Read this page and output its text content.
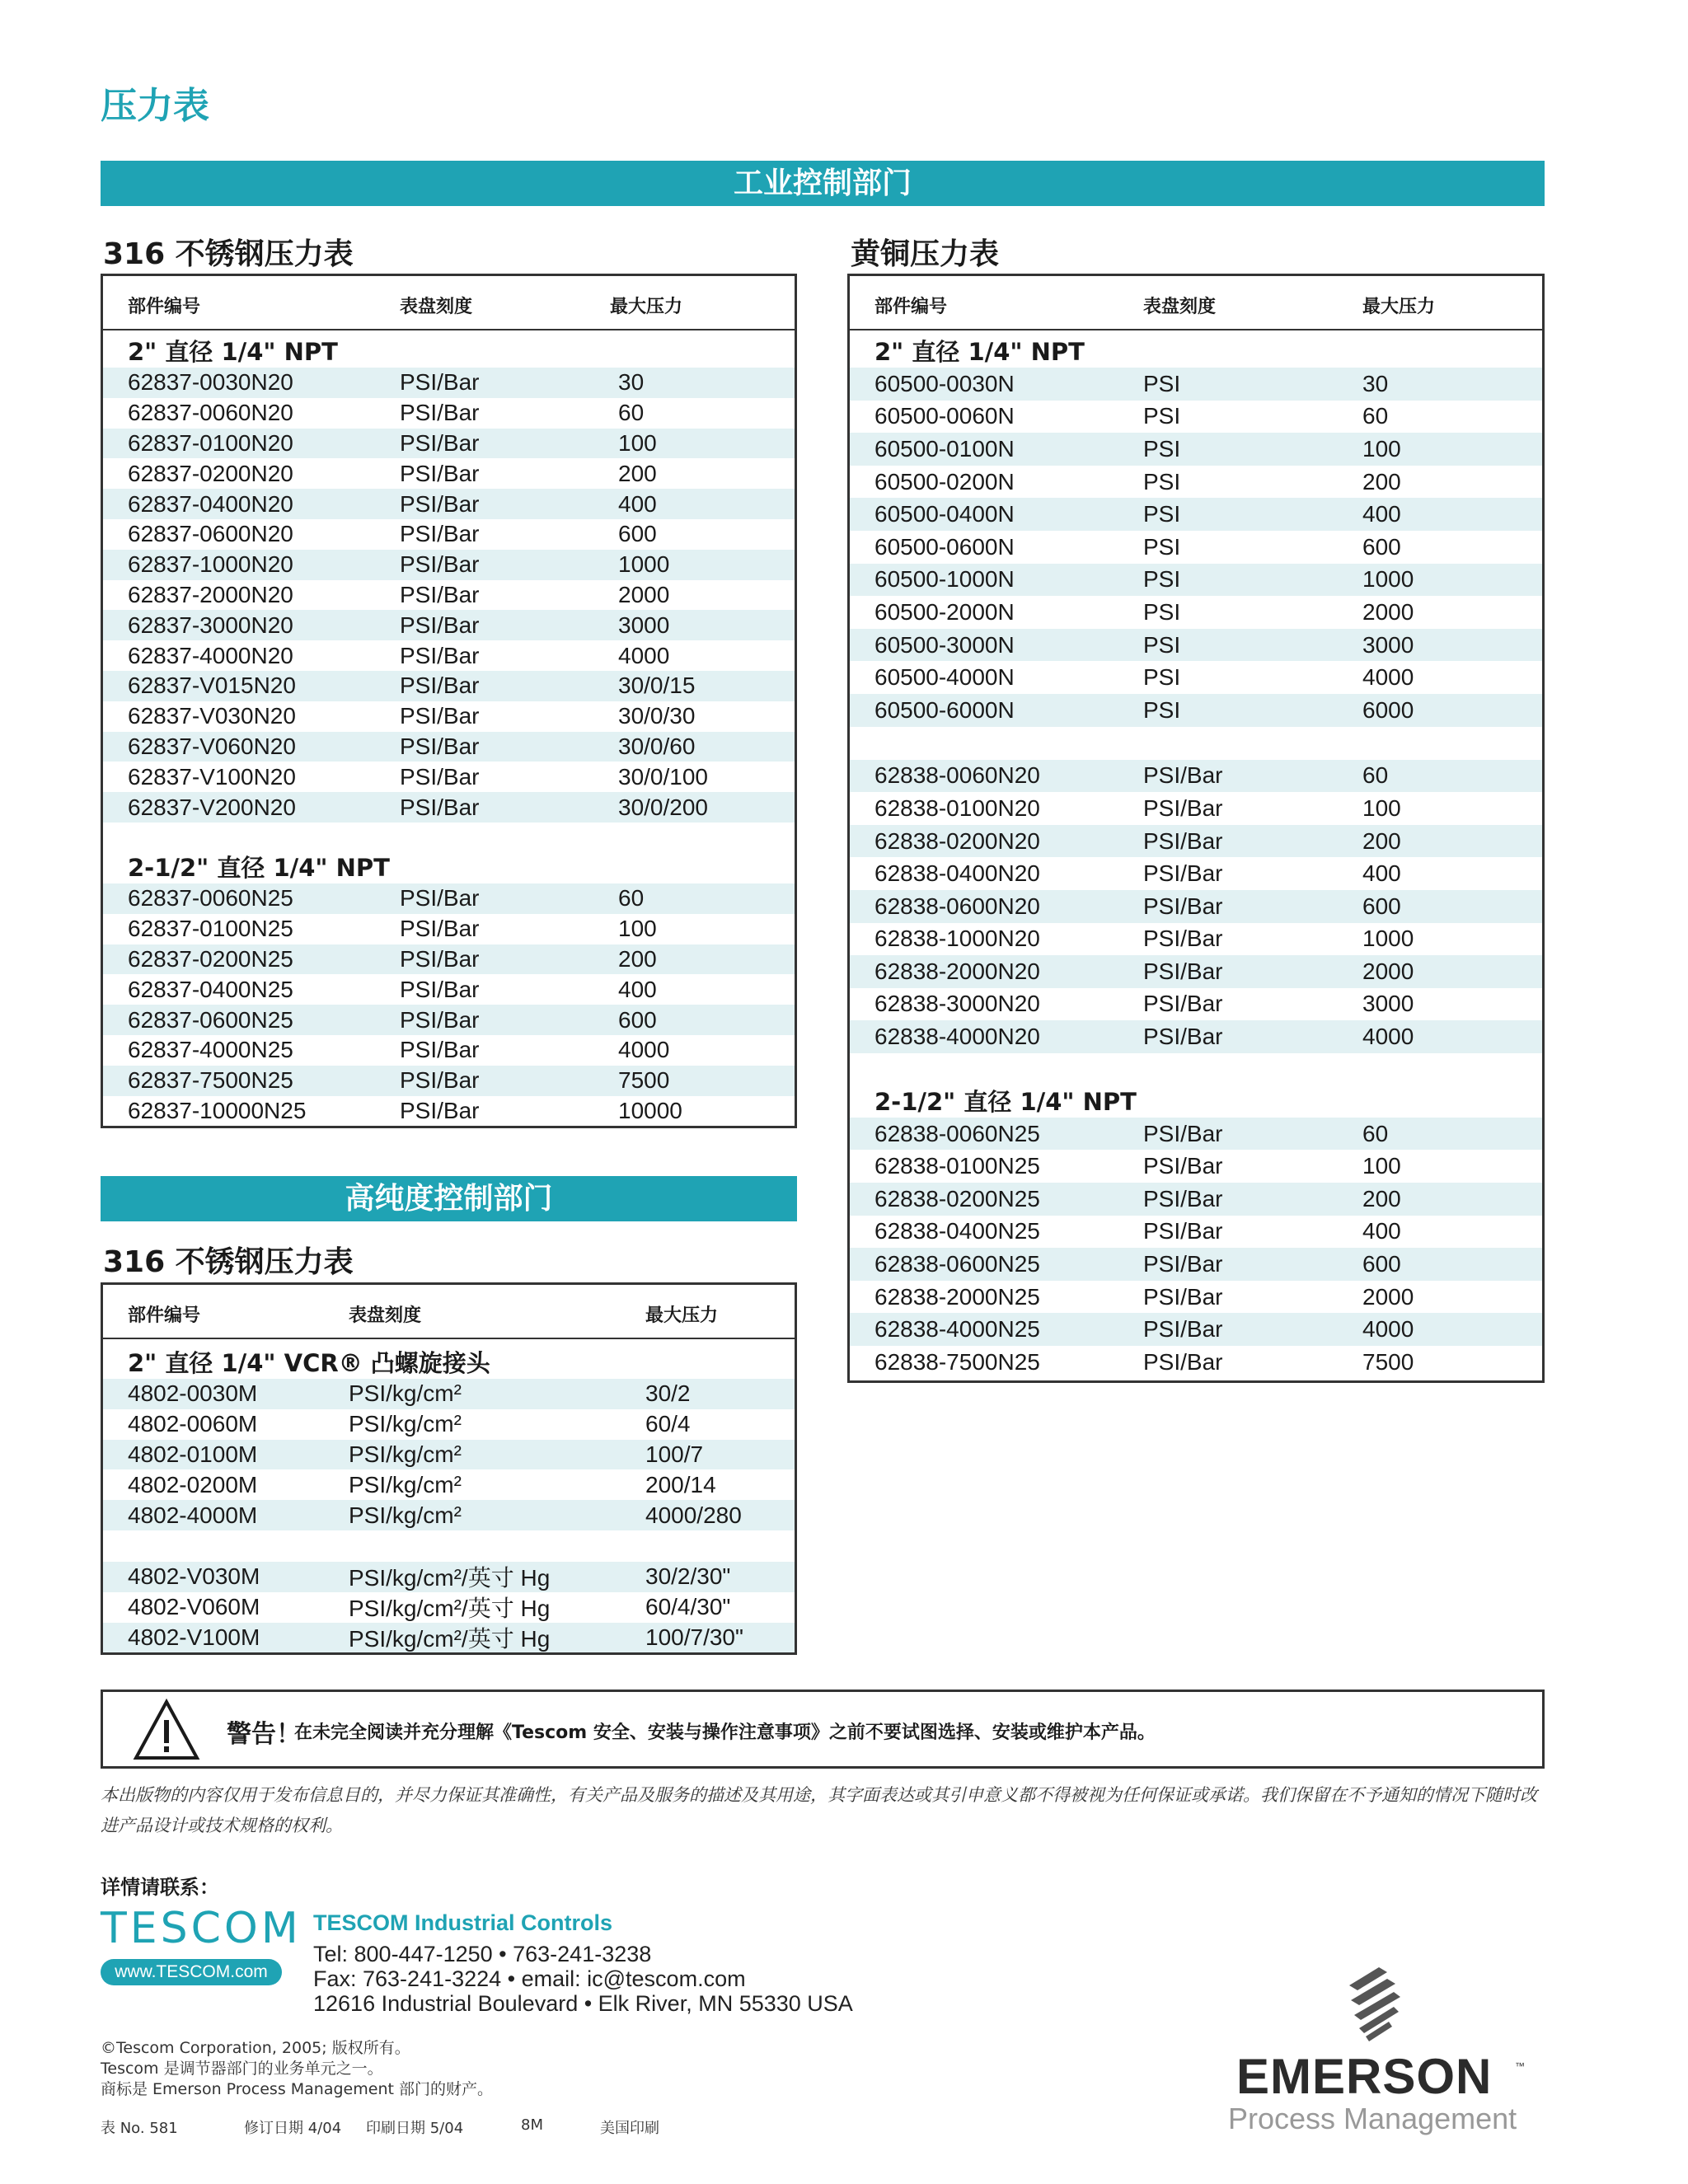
压力表
工业控制部门
316 不锈钢压力表
部件编号	表盘刻度	最大压力
2" 直径 1/4" NPT
62837-0030N20	PSI/Bar	30
62837-0060N20	PSI/Bar	60
62837-0100N20	PSI/Bar	100
62837-0200N20	PSI/Bar	200
62837-0400N20	PSI/Bar	400
62837-0600N20	PSI/Bar	600
62837-1000N20	PSI/Bar	1000
62837-2000N20	PSI/Bar	2000
62837-3000N20	PSI/Bar	3000
62837-4000N20	PSI/Bar	4000
62837-V015N20	PSI/Bar	30/0/15
62837-V030N20	PSI/Bar	30/0/30
62837-V060N20	PSI/Bar	30/0/60
62837-V100N20	PSI/Bar	30/0/100
62837-V200N20	PSI/Bar	30/0/200
2-1/2" 直径 1/4" NPT
62837-0060N25	PSI/Bar	60
62837-0100N25	PSI/Bar	100
62837-0200N25	PSI/Bar	200
62837-0400N25	PSI/Bar	400
62837-0600N25	PSI/Bar	600
62837-4000N25	PSI/Bar	4000
62837-7500N25	PSI/Bar	7500
62837-10000N25	PSI/Bar	10000
黄铜压力表
部件编号	表盘刻度	最大压力
2" 直径 1/4" NPT
60500-0030N	PSI	30
60500-0060N	PSI	60
60500-0100N	PSI	100
60500-0200N	PSI	200
60500-0400N	PSI	400
60500-0600N	PSI	600
60500-1000N	PSI	1000
60500-2000N	PSI	2000
60500-3000N	PSI	3000
60500-4000N	PSI	4000
60500-6000N	PSI	6000
62838-0060N20	PSI/Bar	60
62838-0100N20	PSI/Bar	100
62838-0200N20	PSI/Bar	200
62838-0400N20	PSI/Bar	400
62838-0600N20	PSI/Bar	600
62838-1000N20	PSI/Bar	1000
62838-2000N20	PSI/Bar	2000
62838-3000N20	PSI/Bar	3000
62838-4000N20	PSI/Bar	4000
2-1/2" 直径 1/4" NPT
62838-0060N25	PSI/Bar	60
62838-0100N25	PSI/Bar	100
62838-0200N25	PSI/Bar	200
62838-0400N25	PSI/Bar	400
62838-0600N25	PSI/Bar	600
62838-2000N25	PSI/Bar	2000
62838-4000N25	PSI/Bar	4000
62838-7500N25	PSI/Bar	7500
高纯度控制部门
316 不锈钢压力表
部件编号	表盘刻度	最大压力
2" 直径 1/4" VCR® 凸螺旋接头
4802-0030M	PSI/kg/cm²	30/2
4802-0060M	PSI/kg/cm²	60/4
4802-0100M	PSI/kg/cm²	100/7
4802-0200M	PSI/kg/cm²	200/14
4802-4000M	PSI/kg/cm²	4000/280
4802-V030M	PSI/kg/cm²/英寸 Hg	30/2/30"
4802-V060M	PSI/kg/cm²/英寸 Hg	60/4/30"
4802-V100M	PSI/kg/cm²/英寸 Hg	100/7/30"
警告！
在未完全阅读并充分理解《Tescom 安全、安装与操作注意事项》之前不要试图选择、安装或维护本产品。
本出版物的内容仅用于发布信息目的，并尽力保证其准确性，有关产品及服务的描述及其用途，其字面表达或其引申意义都不得被视为任何保证或承诺。我们保留在不予通知的情况下随时改进产品设计或技术规格的权利。
详情请联系：
TESCOM
www.TESCOM.com
TESCOM Industrial Controls
Tel: 800-447-1250 • 763-241-3238
Fax: 763-241-3224 • email: ic@tescom.com
12616 Industrial Boulevard • Elk River, MN 55330 USA
©Tescom Corporation, 2005; 版权所有。
Tescom 是调节器部门的业务单元之一。
商标是 Emerson Process Management 部门的财产。
表 No. 581	修订日期 4/04 印刷日期 5/04	8M	美国印刷
EMERSON ™
Process Management
